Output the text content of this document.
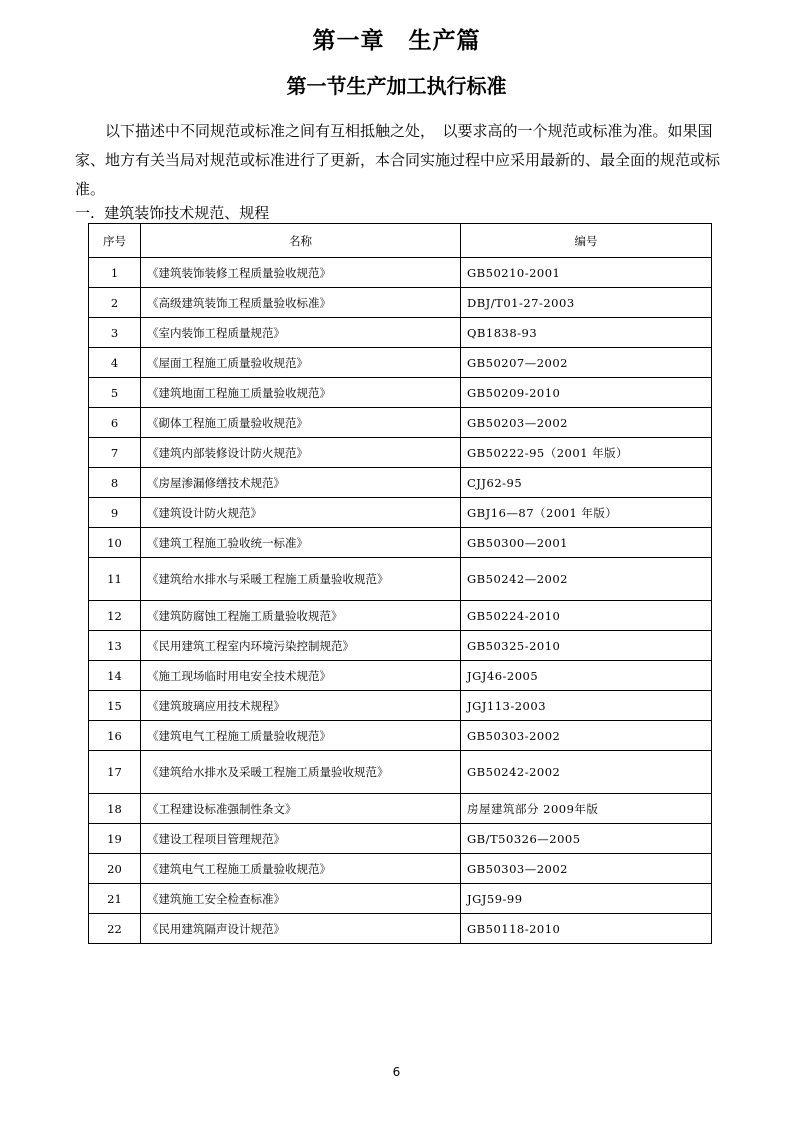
第一章　生产篇
第一节生产加工执行标准

以下描述中不同规范或标准之间有互相抵触之处，　以要求高的一个规范或标准为准。如果国家、地方有关当局对规范或标准进行了更新，本合同实施过程中应采用最新的、最全面的规范或标准。

一.  建筑装饰技术规范、规程
序号	名称	编号
1	《建筑装饰装修工程质量验收规范》	GB50210-2001
2	《高级建筑装饰工程质量验收标准》	DBJ/T01-27-2003
3	《室内装饰工程质量规范》	QB1838-93
4	《屋面工程施工质量验收规范》	GB50207—2002
5	《建筑地面工程施工质量验收规范》	GB50209-2010
6	《砌体工程施工质量验收规范》	GB50203—2002
7	《建筑内部装修设计防火规范》	GB50222-95（2001 年版）
8	《房屋渗漏修缮技术规范》	CJJ62-95
9	《建筑设计防火规范》	GBJ16—87（2001 年版）
10	《建筑工程施工验收统一标准》	GB50300—2001
11	《建筑给水排水与采暖工程施工质量验收规范》	GB50242—2002
12	《建筑防腐蚀工程施工质量验收规范》	GB50224-2010
13	《民用建筑工程室内环境污染控制规范》	GB50325-2010
14	《施工现场临时用电安全技术规范》	JGJ46-2005
15	《建筑玻璃应用技术规程》	JGJ113-2003
16	《建筑电气工程施工质量验收规范》	GB50303-2002
17	《建筑给水排水及采暖工程施工质量验收规范》	GB50242-2002
18	《工程建设标准强制性条文》	房屋建筑部分 2009年版
19	《建设工程项目管理规范》	GB/T50326—2005
20	《建筑电气工程施工质量验收规范》	GB50303—2002
21	《建筑施工安全检查标准》	JGJ59-99
22	《民用建筑隔声设计规范》	GB50118-2010
6
